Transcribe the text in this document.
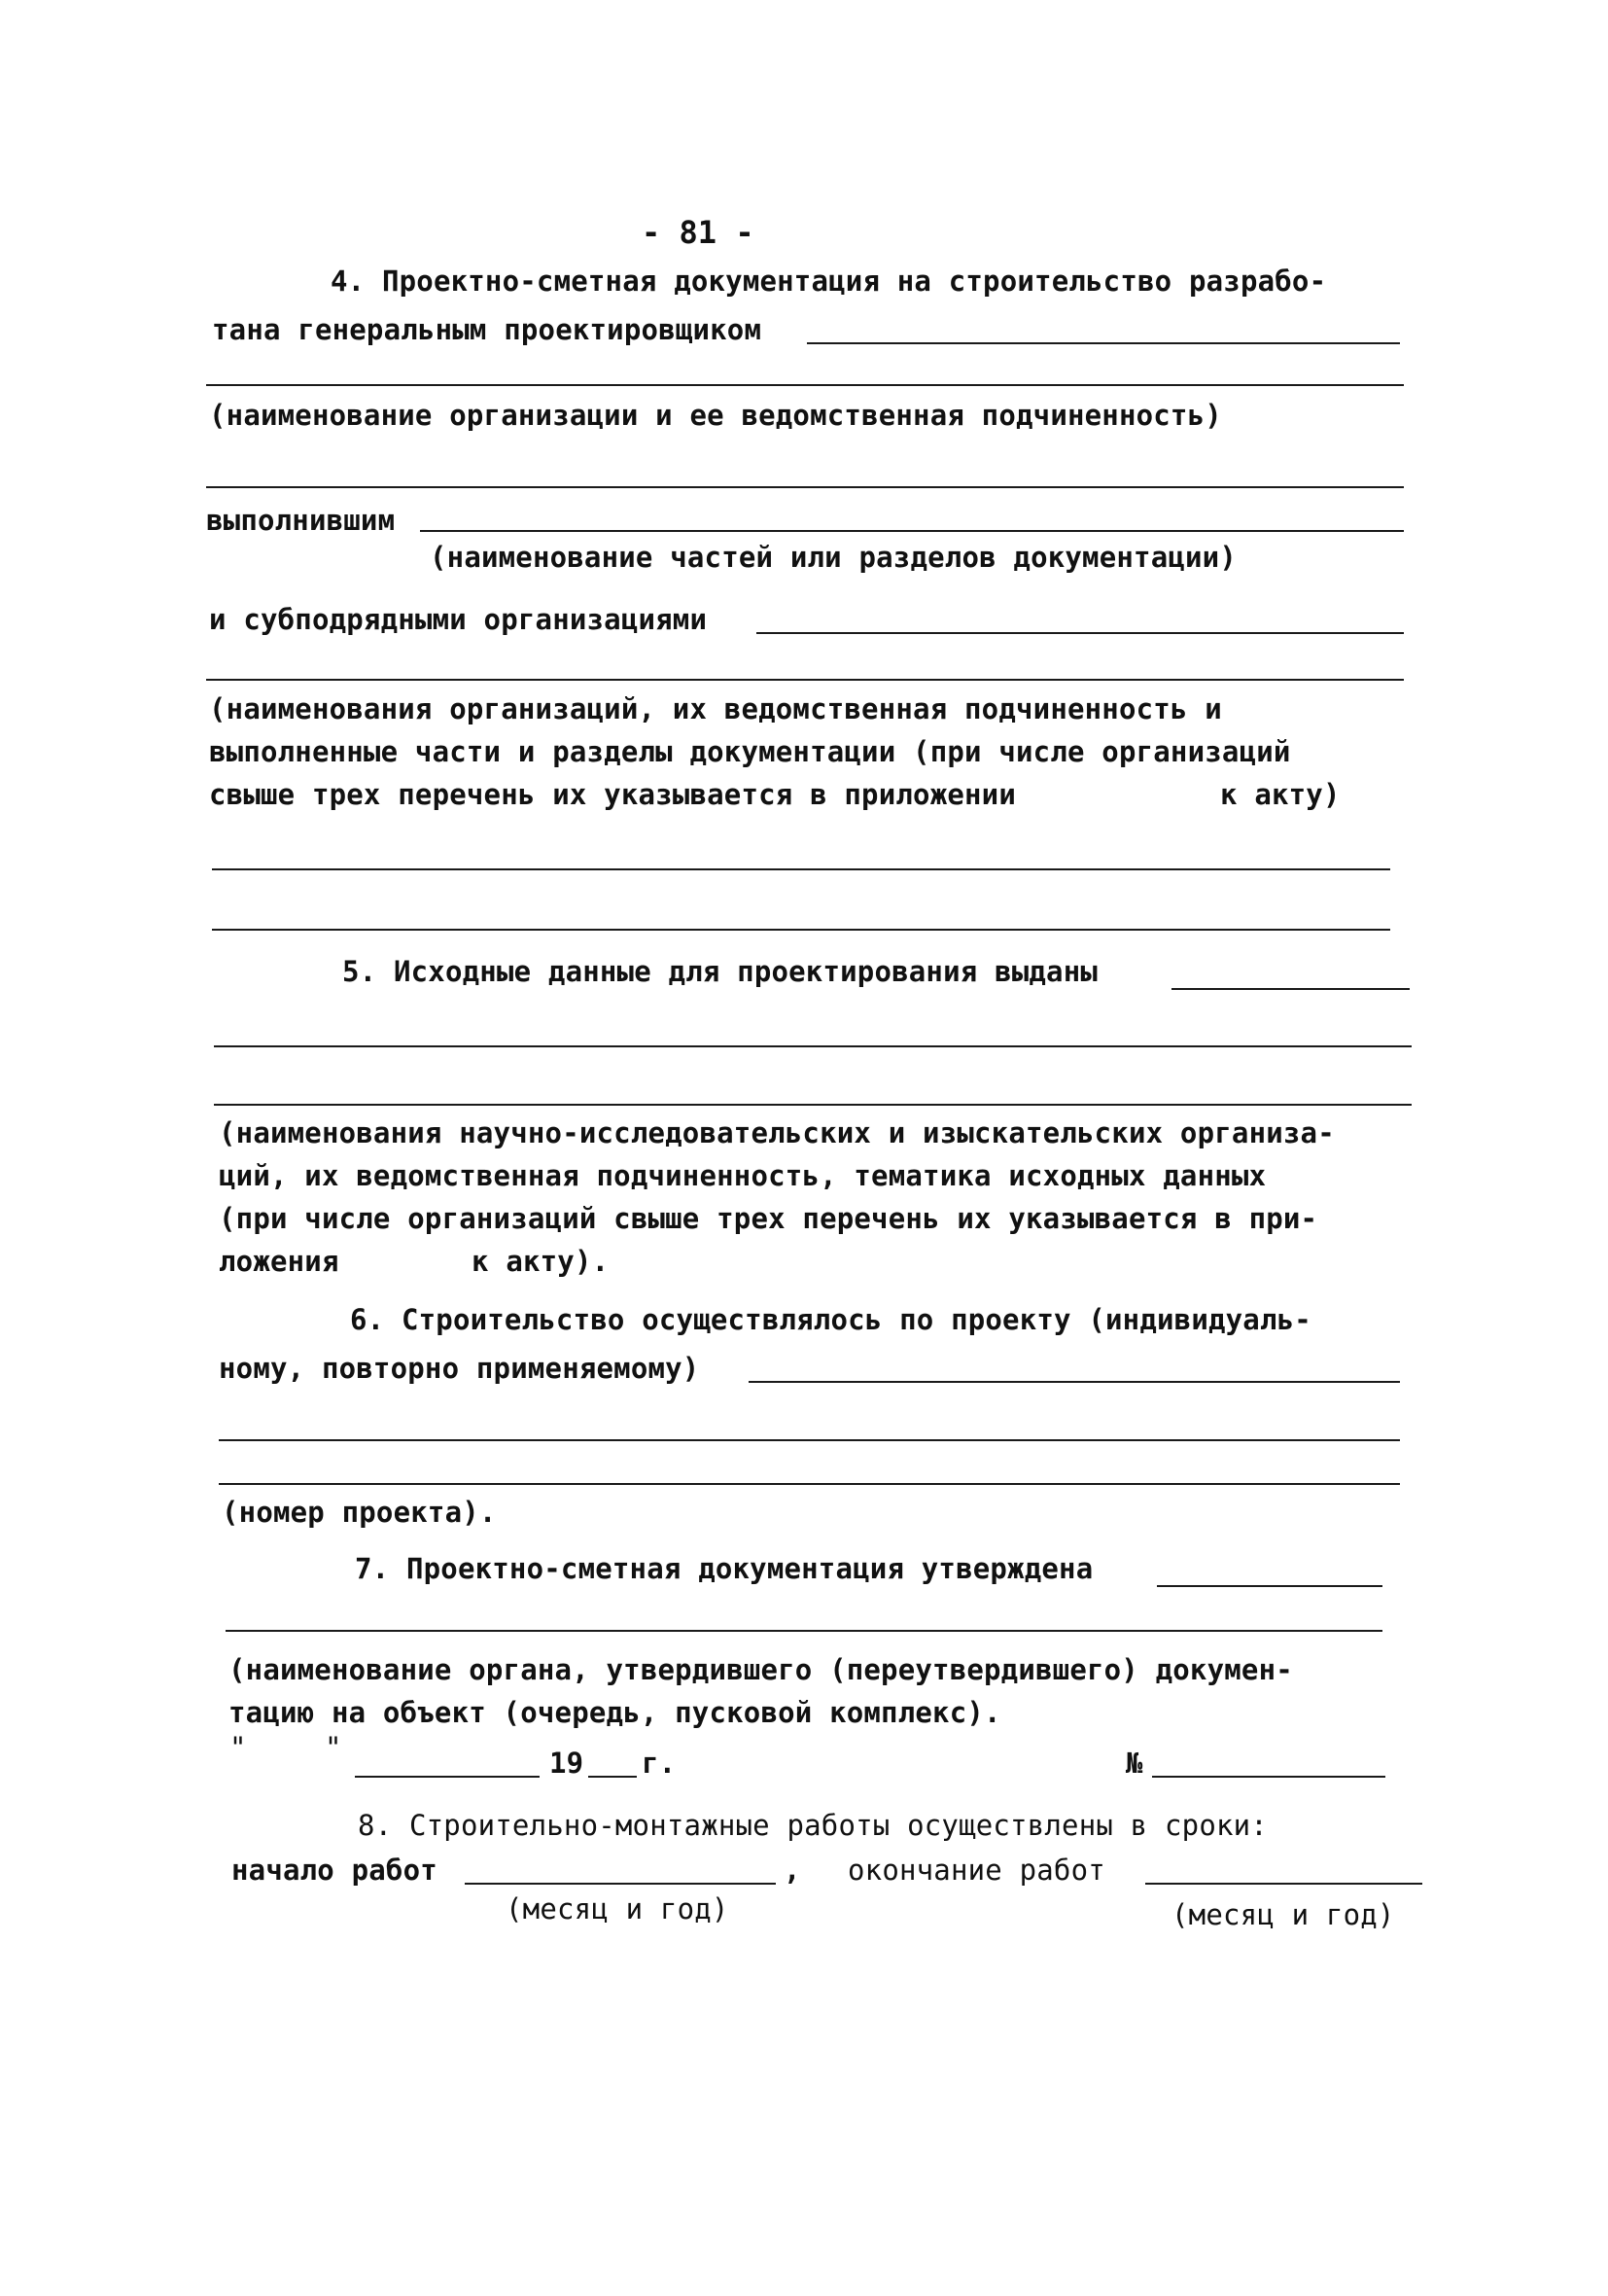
- 81 -
4. Проектно-сметная документация на строительство разрабо-
тана генеральным проектировщиком
(наименование организации и ее ведомственная подчиненность)
выполнившим
(наименование частей или разделов документации)
и субподрядными организациями
(наименования организаций, их ведомственная подчиненность и
выполненные части и разделы документации (при числе организаций
свыше трех перечень их указывается в приложении	к акту)
5. Исходные данные для проектирования выданы
(наименования научно-исследовательских и изыскательских организа-
ций, их ведомственная подчиненность, тематика исходных данных
(при числе организаций свыше трех перечень их указывается в при-
ложения	к акту).
6. Строительство осуществлялось по проекту (индивидуаль-
ному, повторно применяемому)
(номер проекта).
7. Проектно-сметная документация утверждена
(наименование органа, утвердившего (переутвердившего) докумен-
тацию на объект (очередь, пусковой комплекс).
"	"	19 г.	№
8. Строительно-монтажные работы осуществлены в сроки:
начало работ	, окончание работ
(месяц и год)	(месяц и год)
